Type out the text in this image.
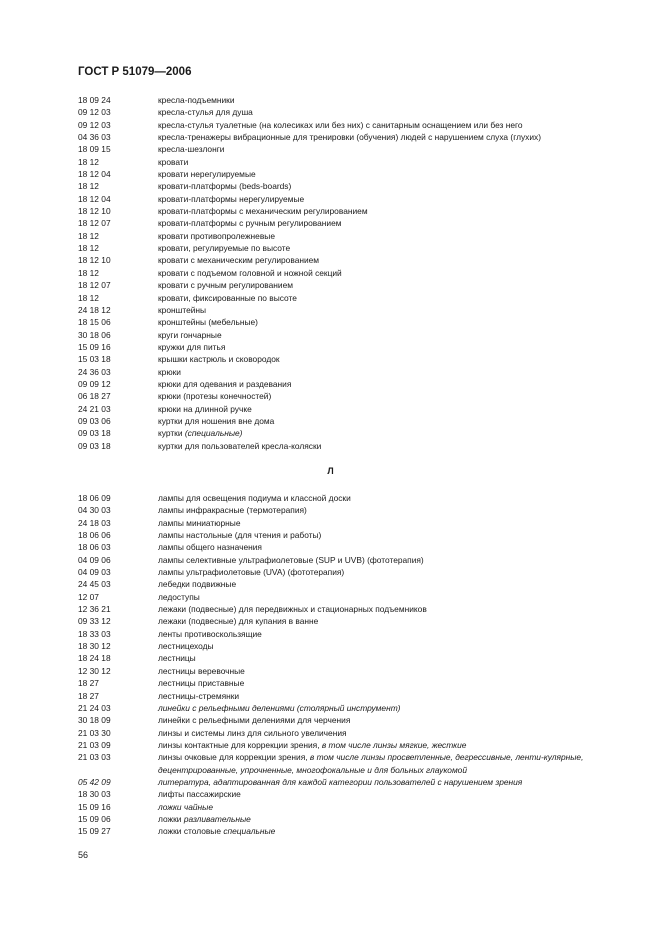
ГОСТ Р 51079—2006
18 09 24	кресла-подъемники
09 12 03	кресла-стулья для душа
09 12 03	кресла-стулья туалетные (на колесиках или без них) с санитарным оснащением или без него
04 36 03	кресла-тренажеры вибрационные для тренировки (обучения) людей с нарушением слуха (глухих)
18 09 15	кресла-шезлонги
18 12	кровати
18 12 04	кровати нерегулируемые
18 12	кровати-платформы (beds-boards)
18 12 04	кровати-платформы нерегулируемые
18 12 10	кровати-платформы с механическим регулированием
18 12 07	кровати-платформы с ручным регулированием
18 12	кровати противопролежневые
18 12	кровати, регулируемые по высоте
18 12 10	кровати с механическим регулированием
18 12	кровати с подъемом головной и ножной секций
18 12 07	кровати с ручным регулированием
18 12	кровати, фиксированные по высоте
24 18 12	кронштейны
18 15 06	кронштейны (мебельные)
30 18 06	круги гончарные
15 09 16	кружки для питья
15 03 18	крышки кастрюль и сковородок
24 36 03	крюки
09 09 12	крюки для одевания и раздевания
06 18 27	крюки (протезы конечностей)
24 21 03	крюки на длинной ручке
09 03 06	куртки для ношения вне дома
09 03 18	куртки (специальные)
09 03 18	куртки для пользователей кресла-коляски
Л
18 06 09	лампы для освещения подиума и классной доски
04 30 03	лампы инфракрасные (термотерапия)
24 18 03	лампы миниатюрные
18 06 06	лампы настольные (для чтения и работы)
18 06 03	лампы общего назначения
04 09 06	лампы селективные ультрафиолетовые (SUP и UVB) (фототерапия)
04 09 03	лампы ультрафиолетовые (UVA) (фототерапия)
24 45 03	лебедки подвижные
12 07	ледоступы
12 36 21	лежаки (подвесные) для передвижных и стационарных подъемников
09 33 12	лежаки (подвесные) для купания в ванне
18 33 03	ленты противоскользящие
18 30 12	лестницеходы
18 24 18	лестницы
12 30 12	лестницы веревочные
18 27	лестницы приставные
18 27	лестницы-стремянки
21 24 03	линейки с рельефными делениями (столярный инструмент)
30 18 09	линейки с рельефными делениями для черчения
21 03 30	линзы и системы линз для сильного увеличения
21 03 09	линзы контактные для коррекции зрения, в том числе линзы мягкие, жесткие
21 03 03	линзы очковые для коррекции зрения, в том числе линзы просветленные, дегрессивные, ленти-кулярные, децентрированные, упрочненные, многофокальные и для больных глаукомой
05 42 09	литература, адаптированная для каждой категории пользователей с нарушением зрения
18 30 03	лифты пассажирские
15 09 16	ложки чайные
15 09 06	ложки разливательные
15 09 27	ложки столовые специальные
56
